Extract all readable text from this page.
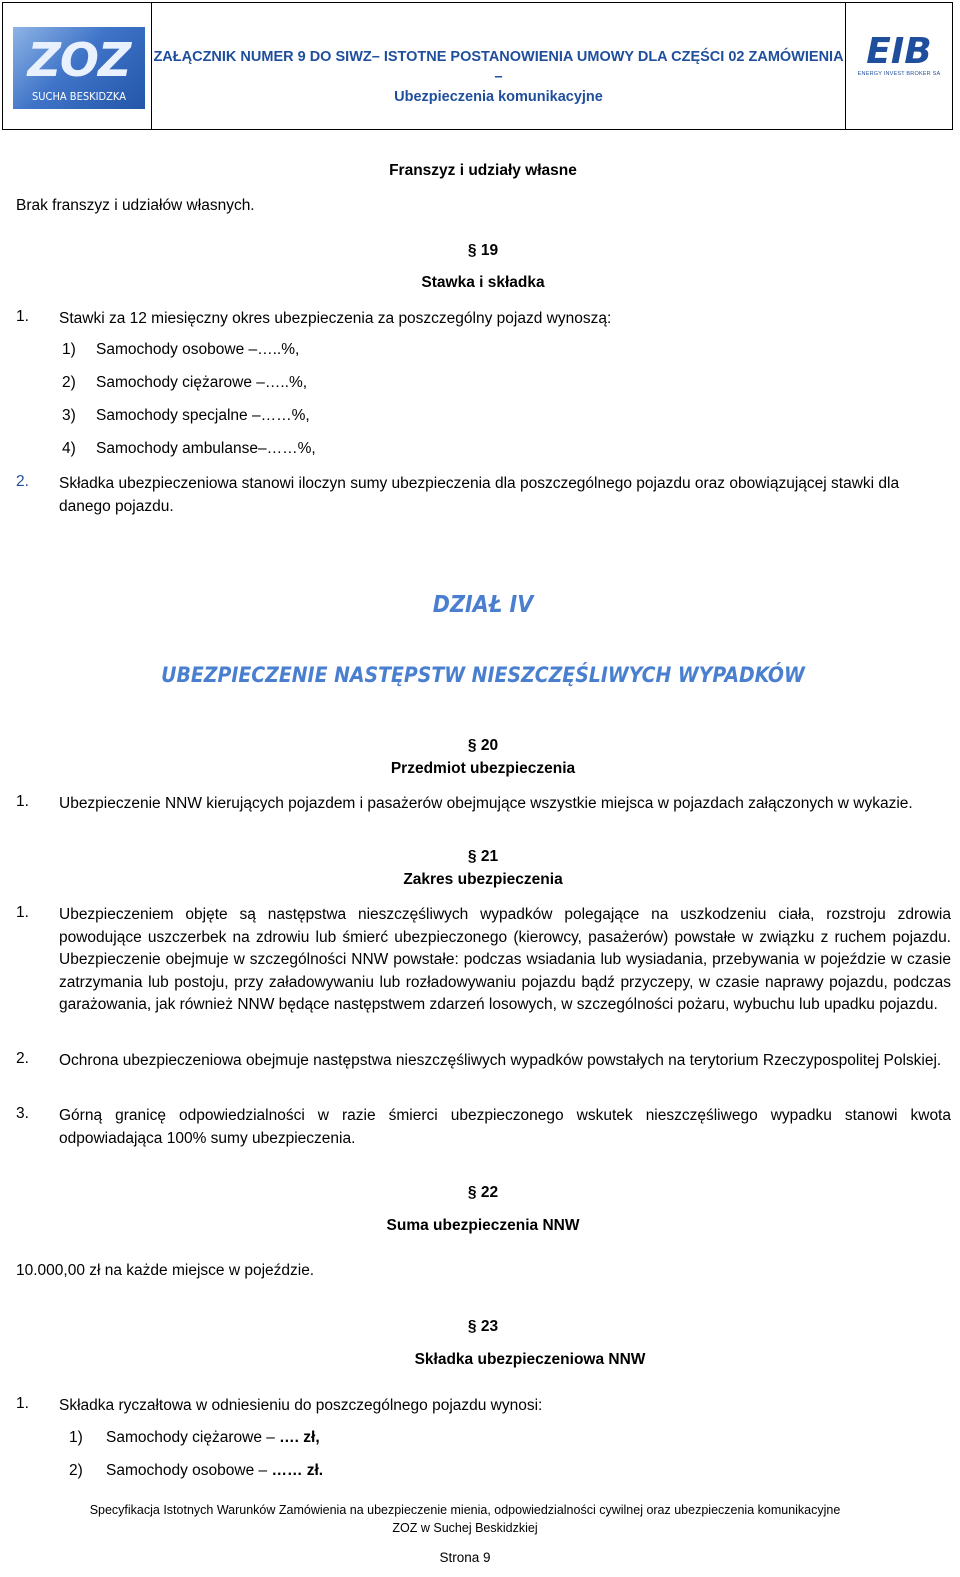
ZOZ
SUCHA BESKIDZKA
ZAŁĄCZNIK NUMER 9 DO SIWZ– ISTOTNE POSTANOWIENIA UMOWY DLA CZĘŚCI 02 ZAMÓWIENIA –
Ubezpieczenia komunikacyjne
EIB
ENERGY INVEST BROKER SA
Franszyz i udziały własne
Brak franszyz i udziałów własnych.
§ 19
Stawka i składka
1. Stawki za 12 miesięczny okres ubezpieczenia za poszczególny pojazd wynoszą:
1) Samochody osobowe –…..%,
2) Samochody ciężarowe –…..%,
3) Samochody specjalne –……%,
4) Samochody ambulanse–……%,
2. Składka ubezpieczeniowa stanowi iloczyn sumy ubezpieczenia dla poszczególnego pojazdu oraz obowiązującej stawki dla danego pojazdu.
DZIAŁ IV
UBEZPIECZENIE NASTĘPSTW NIESZCZĘŚLIWYCH WYPADKÓW
§ 20
Przedmiot ubezpieczenia
1. Ubezpieczenie NNW kierujących pojazdem i pasażerów obejmujące wszystkie miejsca w pojazdach załączonych w wykazie.
§ 21
Zakres ubezpieczenia
1. Ubezpieczeniem objęte są następstwa nieszczęśliwych wypadków polegające na uszkodzeniu ciała, rozstroju zdrowia powodujące uszczerbek na zdrowiu lub śmierć ubezpieczonego (kierowcy, pasażerów) powstałe w związku z ruchem pojazdu. Ubezpieczenie obejmuje w szczególności NNW powstałe: podczas wsiadania lub wysiadania, przebywania w pojeździe w czasie zatrzymania lub postoju, przy załadowywaniu lub rozładowywaniu pojazdu bądź przyczepy, w czasie naprawy pojazdu, podczas garażowania, jak również NNW będące następstwem zdarzeń losowych, w szczególności pożaru, wybuchu lub upadku pojazdu.
2. Ochrona ubezpieczeniowa obejmuje następstwa nieszczęśliwych wypadków powstałych na terytorium Rzeczypospolitej Polskiej.
3. Górną granicę odpowiedzialności w razie śmierci ubezpieczonego wskutek nieszczęśliwego wypadku stanowi kwota odpowiadająca 100% sumy ubezpieczenia.
§ 22
Suma ubezpieczenia NNW
10.000,00 zł na każde miejsce w pojeździe.
§ 23
Składka ubezpieczeniowa NNW
1. Składka ryczałtowa w odniesieniu do poszczególnego pojazdu wynosi:
1) Samochody ciężarowe – …. zł,
2) Samochody osobowe – …… zł.
Specyfikacja Istotnych Warunków Zamówienia na ubezpieczenie mienia, odpowiedzialności cywilnej oraz ubezpieczenia komunikacyjne
ZOZ w Suchej Beskidzkiej
Strona 9
